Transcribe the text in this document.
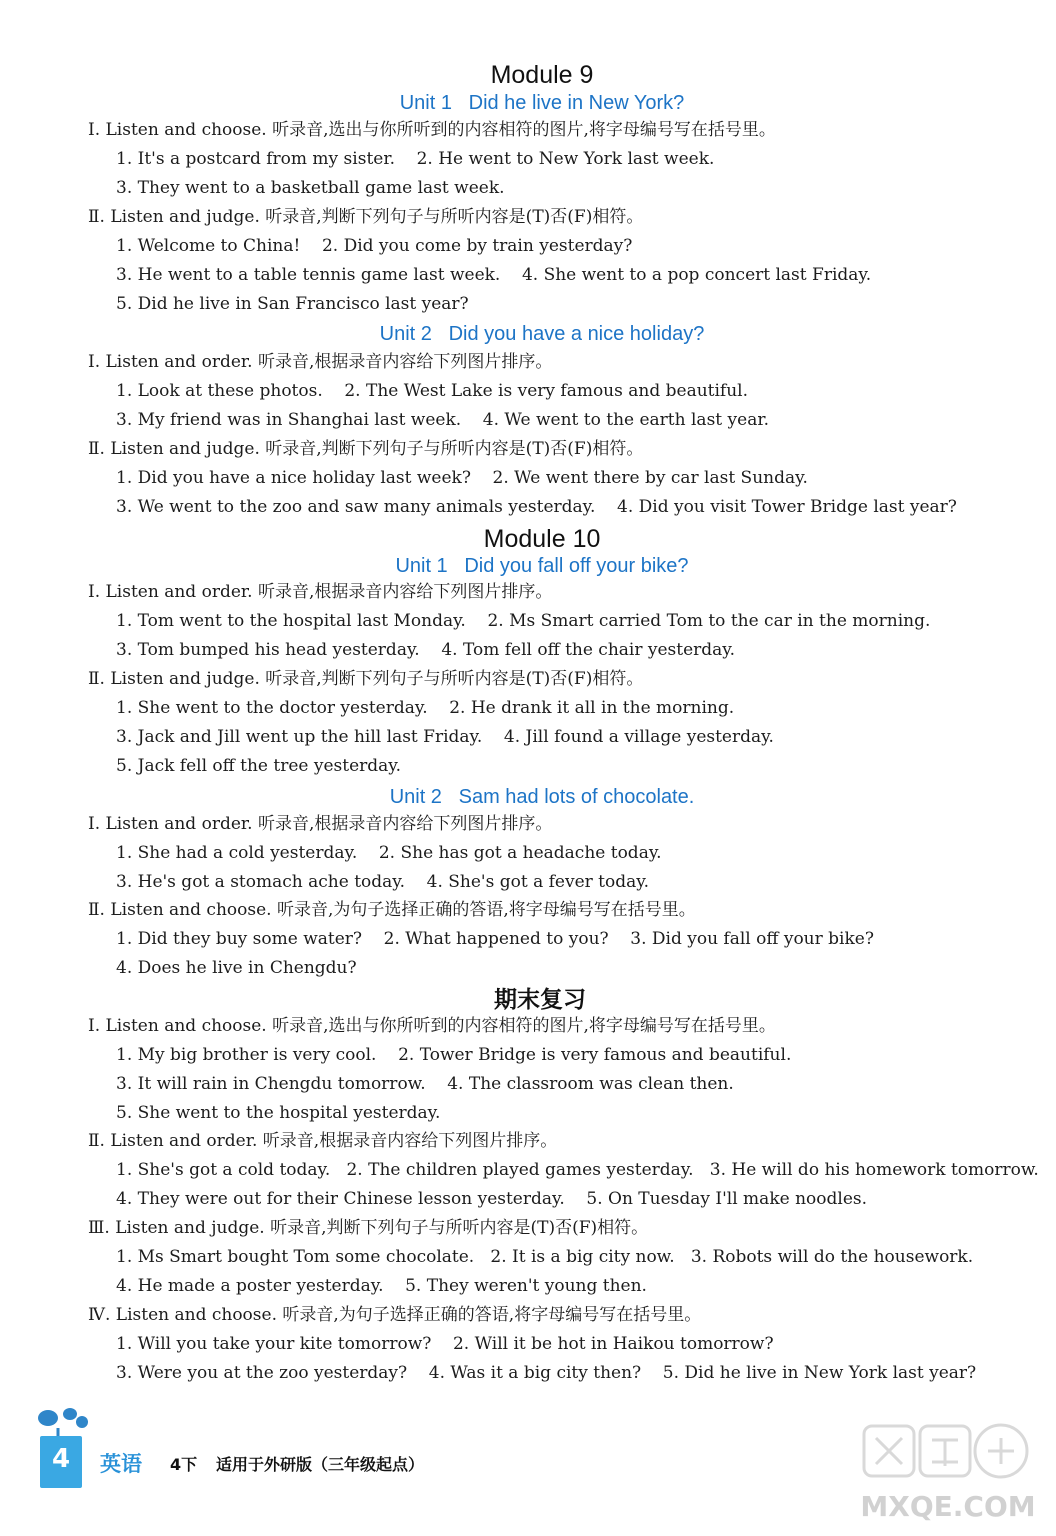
Module 9
Unit 1   Did he live in New York?
Ⅰ. Listen and choose. 听录音,选出与你所听到的内容相符的图片,将字母编号写在括号里。
1. It's a postcard from my sister.    2. He went to New York last week.
3. They went to a basketball game last week.
Ⅱ. Listen and judge. 听录音,判断下列句子与所听内容是(T)否(F)相符。
1. Welcome to China!    2. Did you come by train yesterday?
3. He went to a table tennis game last week.    4. She went to a pop concert last Friday.
5. Did he live in San Francisco last year?
Unit 2   Did you have a nice holiday?
Ⅰ. Listen and order. 听录音,根据录音内容给下列图片排序。
1. Look at these photos.    2. The West Lake is very famous and beautiful.
3. My friend was in Shanghai last week.    4. We went to the earth last year.
Ⅱ. Listen and judge. 听录音,判断下列句子与所听内容是(T)否(F)相符。
1. Did you have a nice holiday last week?    2. We went there by car last Sunday.
3. We went to the zoo and saw many animals yesterday.    4. Did you visit Tower Bridge last year?
Module 10
Unit 1   Did you fall off your bike?
Ⅰ. Listen and order. 听录音,根据录音内容给下列图片排序。
1. Tom went to the hospital last Monday.    2. Ms Smart carried Tom to the car in the morning.
3. Tom bumped his head yesterday.    4. Tom fell off the chair yesterday.
Ⅱ. Listen and judge. 听录音,判断下列句子与所听内容是(T)否(F)相符。
1. She went to the doctor yesterday.    2. He drank it all in the morning.
3. Jack and Jill went up the hill last Friday.    4. Jill found a village yesterday.
5. Jack fell off the tree yesterday.
Unit 2   Sam had lots of chocolate.
Ⅰ. Listen and order. 听录音,根据录音内容给下列图片排序。
1. She had a cold yesterday.    2. She has got a headache today.
3. He's got a stomach ache today.    4. She's got a fever today.
Ⅱ. Listen and choose. 听录音,为句子选择正确的答语,将字母编号写在括号里。
1. Did they buy some water?    2. What happened to you?    3. Did you fall off your bike?
4. Does he live in Chengdu?
期末复习
Ⅰ. Listen and choose. 听录音,选出与你所听到的内容相符的图片,将字母编号写在括号里。
1. My big brother is very cool.    2. Tower Bridge is very famous and beautiful.
3. It will rain in Chengdu tomorrow.    4. The classroom was clean then.
5. She went to the hospital yesterday.
Ⅱ. Listen and order. 听录音,根据录音内容给下列图片排序。
1. She's got a cold today.   2. The children played games yesterday.   3. He will do his homework tomorrow.
4. They were out for their Chinese lesson yesterday.    5. On Tuesday I'll make noodles.
Ⅲ. Listen and judge. 听录音,判断下列句子与所听内容是(T)否(F)相符。
1. Ms Smart bought Tom some chocolate.   2. It is a big city now.   3. Robots will do the housework.
4. He made a poster yesterday.    5. They weren't young then.
Ⅳ. Listen and choose. 听录音,为句子选择正确的答语,将字母编号写在括号里。
1. Will you take your kite tomorrow?    2. Will it be hot in Haikou tomorrow?
3. Were you at the zoo yesterday?    4. Was it a big city then?    5. Did he live in New York last year?
4	英语 4下 适用于外研版（三年级起点）
MXQE.COM
